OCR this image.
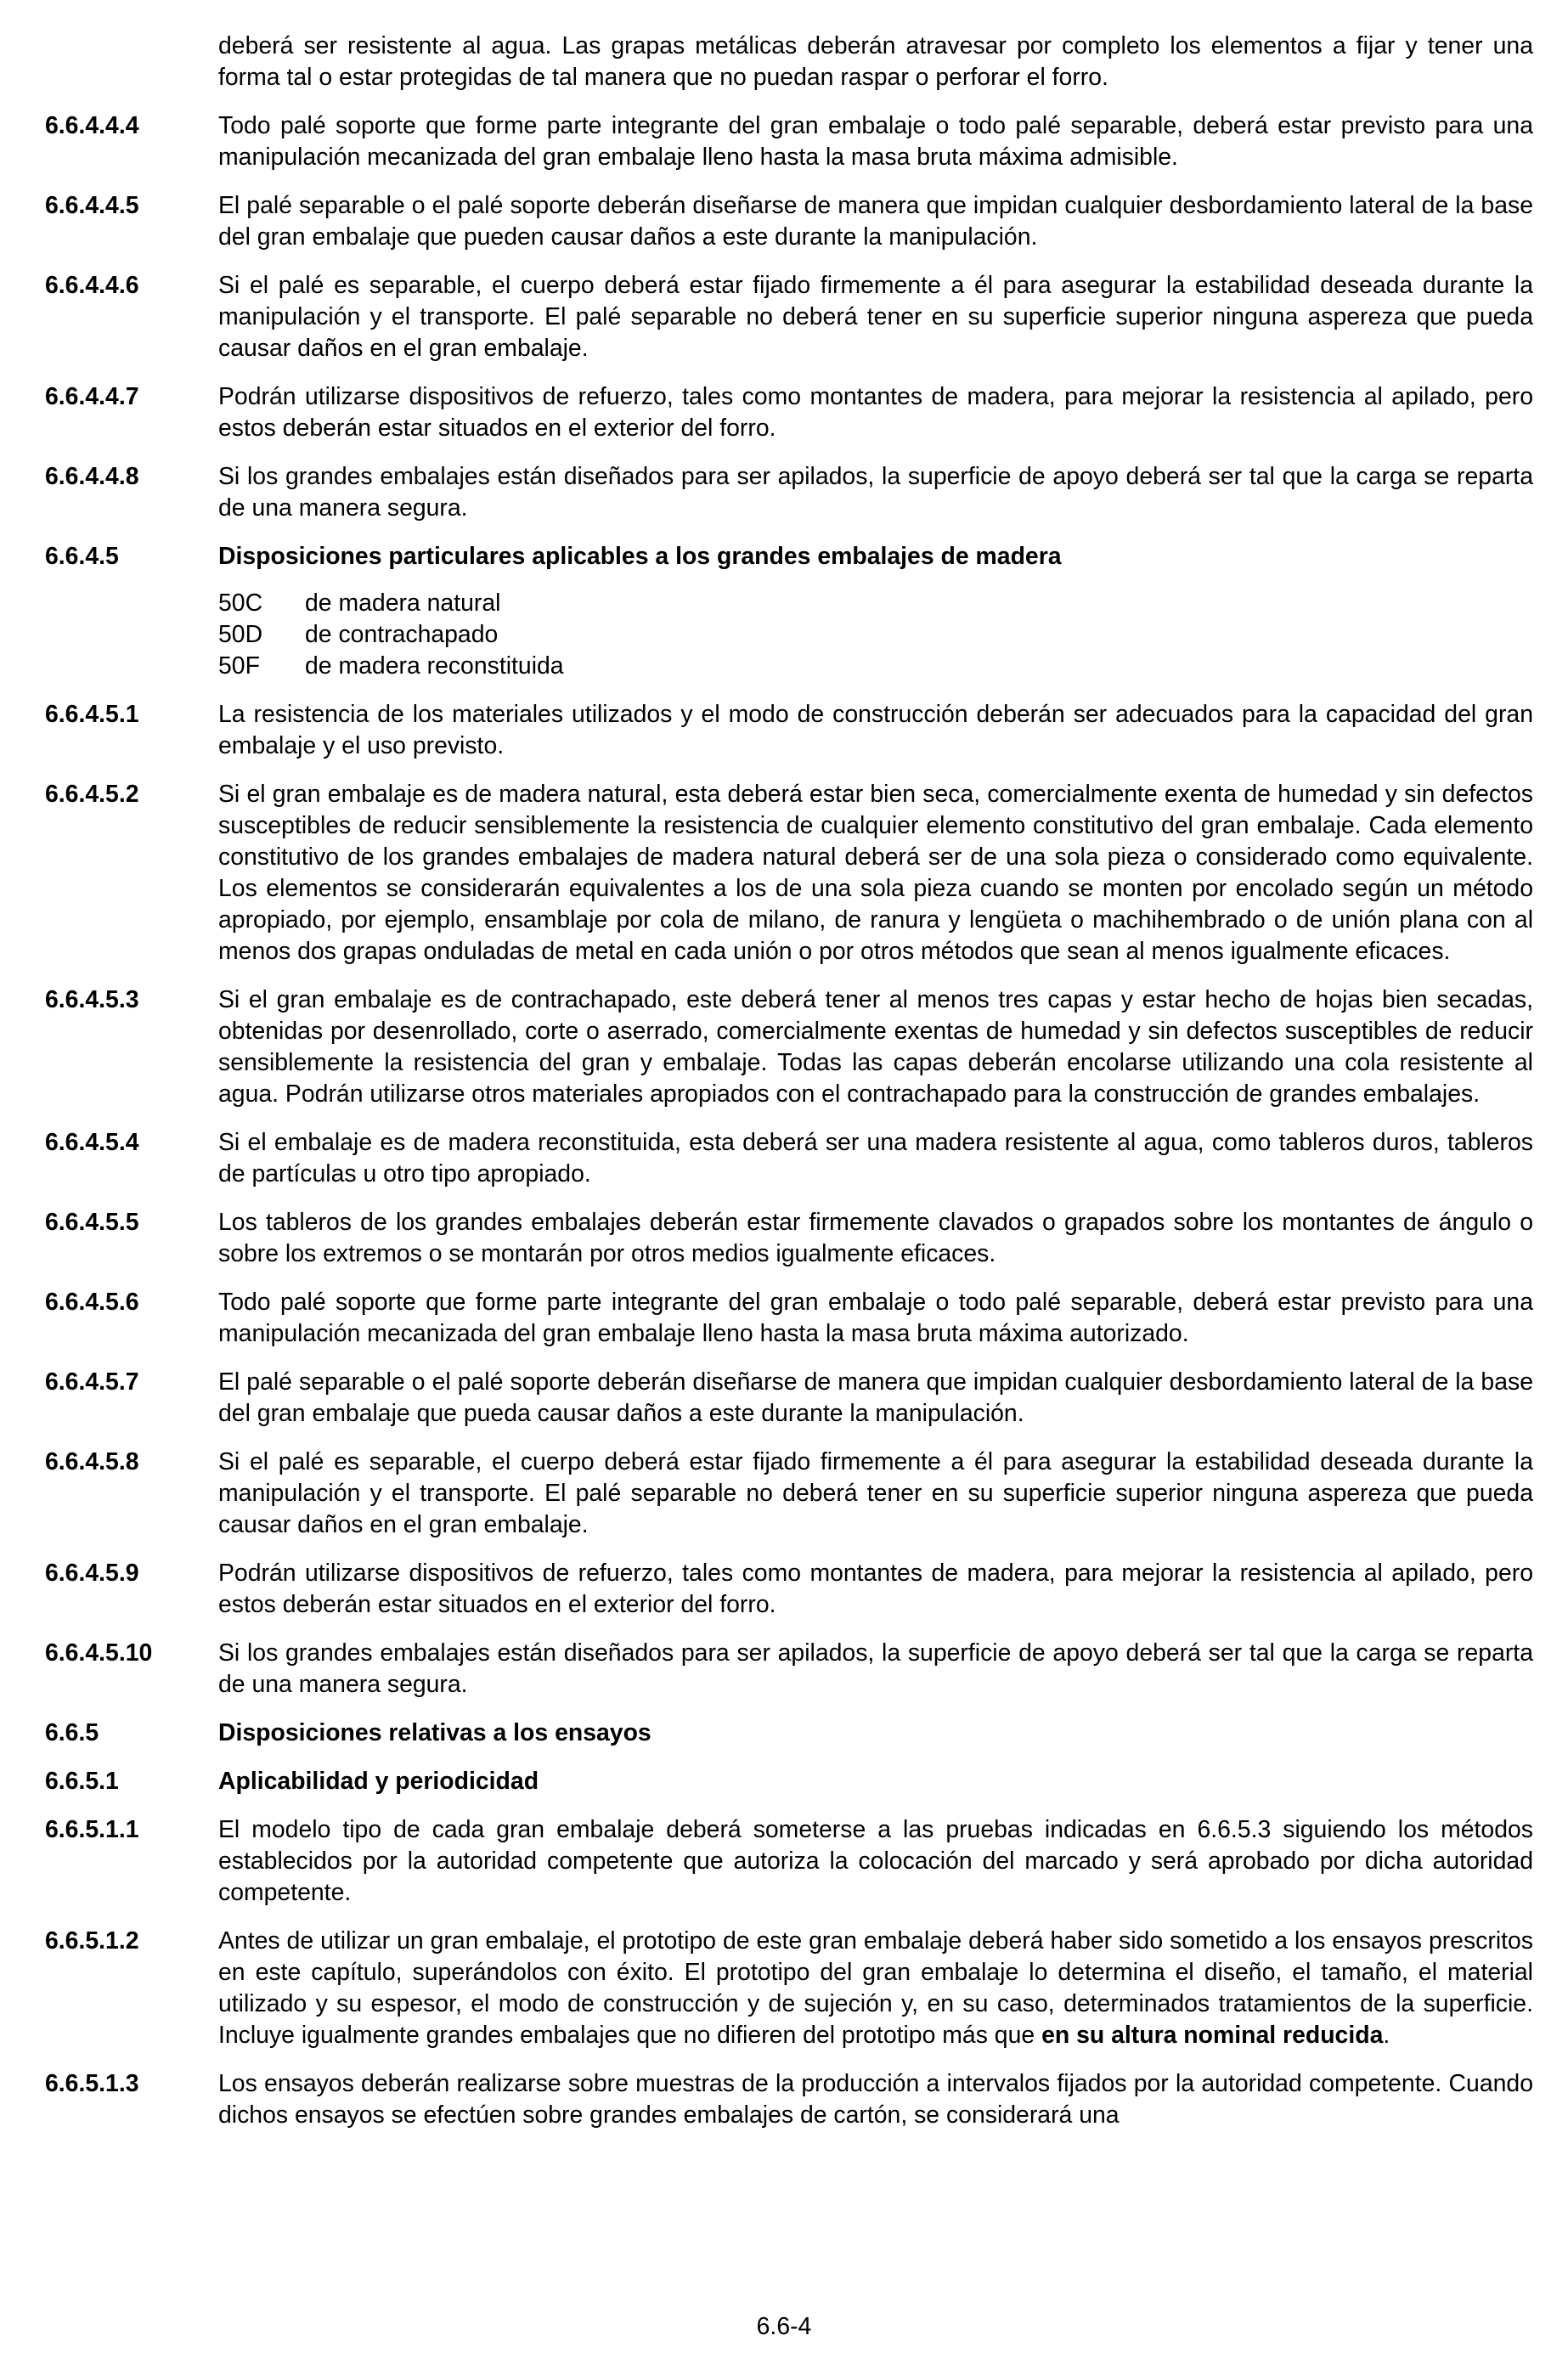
deberá ser resistente al agua. Las grapas metálicas deberán atravesar por completo los elementos a fijar y tener una forma tal o estar protegidas de tal manera que no puedan raspar o perforar el forro.
6.6.4.4.4	Todo palé soporte que forme parte integrante del gran embalaje o todo palé separable, deberá estar previsto para una manipulación mecanizada del gran embalaje lleno hasta la masa bruta máxima admisible.
6.6.4.4.5	El palé separable o el palé soporte deberán diseñarse de manera que impidan cualquier desbordamiento lateral de la base del gran embalaje que pueden causar daños a este durante la manipulación.
6.6.4.4.6	Si el palé es separable, el cuerpo deberá estar fijado firmemente a él para asegurar la estabilidad deseada durante la manipulación y el transporte. El palé separable no deberá tener en su superficie superior ninguna aspereza que pueda causar daños en el gran embalaje.
6.6.4.4.7	Podrán utilizarse dispositivos de refuerzo, tales como montantes de madera, para mejorar la resistencia al apilado, pero estos deberán estar situados en el exterior del forro.
6.6.4.4.8	Si los grandes embalajes están diseñados para ser apilados, la superficie de apoyo deberá ser tal que la carga se reparta de una manera segura.
6.6.4.5	Disposiciones particulares aplicables a los grandes embalajes de madera
50C	de madera natural
50D	de contrachapado
50F	de madera reconstituida
6.6.4.5.1	La resistencia de los materiales utilizados y el modo de construcción deberán ser adecuados para la capacidad del gran embalaje y el uso previsto.
6.6.4.5.2	Si el gran embalaje es de madera natural, esta deberá estar bien seca, comercialmente exenta de humedad y sin defectos susceptibles de reducir sensiblemente la resistencia de cualquier elemento constitutivo del gran embalaje. Cada elemento constitutivo de los grandes embalajes de madera natural deberá ser de una sola pieza o considerado como equivalente. Los elementos se considerarán equivalentes a los de una sola pieza cuando se monten por encolado según un método apropiado, por ejemplo, ensamblaje por cola de milano, de ranura y lengüeta o machihembrado o de unión plana con al menos dos grapas onduladas de metal en cada unión o por otros métodos que sean al menos igualmente eficaces.
6.6.4.5.3	Si el gran embalaje es de contrachapado, este deberá tener al menos tres capas y estar hecho de hojas bien secadas, obtenidas por desenrollado, corte o aserrado, comercialmente exentas de humedad y sin defectos susceptibles de reducir sensiblemente la resistencia del gran y embalaje. Todas las capas deberán encolarse utilizando una cola resistente al agua. Podrán utilizarse otros materiales apropiados con el contrachapado para la construcción de grandes embalajes.
6.6.4.5.4	Si el embalaje es de madera reconstituida, esta deberá ser una madera resistente al agua, como tableros duros, tableros de partículas u otro tipo apropiado.
6.6.4.5.5	Los tableros de los grandes embalajes deberán estar firmemente clavados o grapados sobre los montantes de ángulo o sobre los extremos o se montarán por otros medios igualmente eficaces.
6.6.4.5.6	Todo palé soporte que forme parte integrante del gran embalaje o todo palé separable, deberá estar previsto para una manipulación mecanizada del gran embalaje lleno hasta la masa bruta máxima autorizado.
6.6.4.5.7	El palé separable o el palé soporte deberán diseñarse de manera que impidan cualquier desbordamiento lateral de la base del gran embalaje que pueda causar daños a este durante la manipulación.
6.6.4.5.8	Si el palé es separable, el cuerpo deberá estar fijado firmemente a él para asegurar la estabilidad deseada durante la manipulación y el transporte. El palé separable no deberá tener en su superficie superior ninguna aspereza que pueda causar daños en el gran embalaje.
6.6.4.5.9	Podrán utilizarse dispositivos de refuerzo, tales como montantes de madera, para mejorar la resistencia al apilado, pero estos deberán estar situados en el exterior del forro.
6.6.4.5.10	Si los grandes embalajes están diseñados para ser apilados, la superficie de apoyo deberá ser tal que la carga se reparta de una manera segura.
6.6.5	Disposiciones relativas a los ensayos
6.6.5.1	Aplicabilidad y periodicidad
6.6.5.1.1	El modelo tipo de cada gran embalaje deberá someterse a las pruebas indicadas en 6.6.5.3 siguiendo los métodos establecidos por la autoridad competente que autoriza la colocación del marcado y será aprobado por dicha autoridad competente.
6.6.5.1.2	Antes de utilizar un gran embalaje, el prototipo de este gran embalaje deberá haber sido sometido a los ensayos prescritos en este capítulo, superándolos con éxito. El prototipo del gran embalaje lo determina el diseño, el tamaño, el material utilizado y su espesor, el modo de construcción y de sujeción y, en su caso, determinados tratamientos de la superficie. Incluye igualmente grandes embalajes que no difieren del prototipo más que en su altura nominal reducida.
6.6.5.1.3	Los ensayos deberán realizarse sobre muestras de la producción a intervalos fijados por la autoridad competente. Cuando dichos ensayos se efectúen sobre grandes embalajes de cartón, se considerará una
6.6-4
